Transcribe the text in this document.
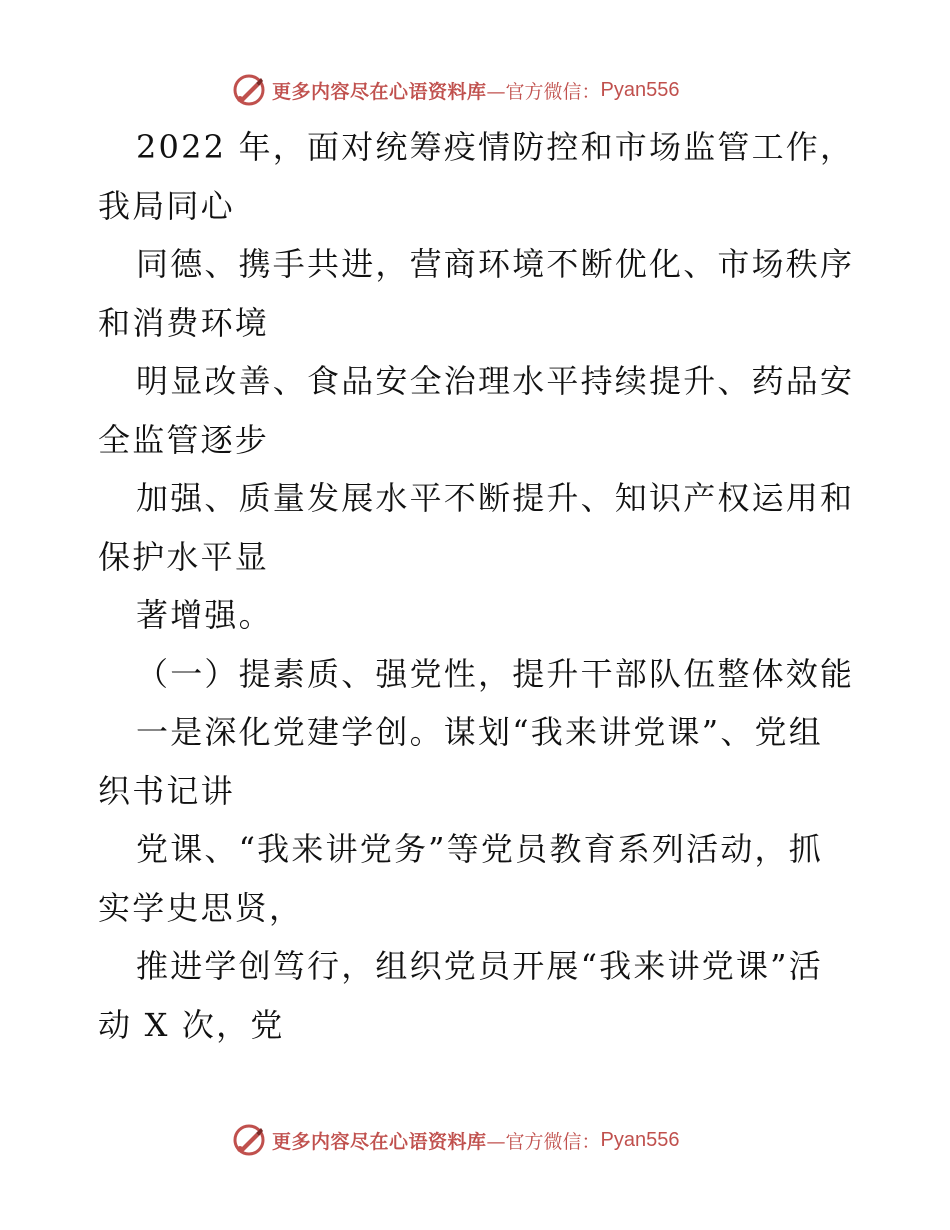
更多内容尽在心语资料库 —官方微信： Pyan556
2022 年，面对统筹疫情防控和市场监管工作，
我局同心
同德、携手共进，营商环境不断优化、市场秩序
和消费环境
明显改善、食品安全治理水平持续提升、药品安
全监管逐步
加强、质量发展水平不断提升、知识产权运用和
保护水平显
著增强。
（一）提素质、强党性，提升干部队伍整体效能
一是深化党建学创。谋划“我来讲党课”、党组
织书记讲
党课、“我来讲党务”等党员教育系列活动，抓
实学史思贤，
推进学创笃行，组织党员开展“我来讲党课”活
动 X 次，党
更多内容尽在心语资料库 —官方微信： Pyan556
